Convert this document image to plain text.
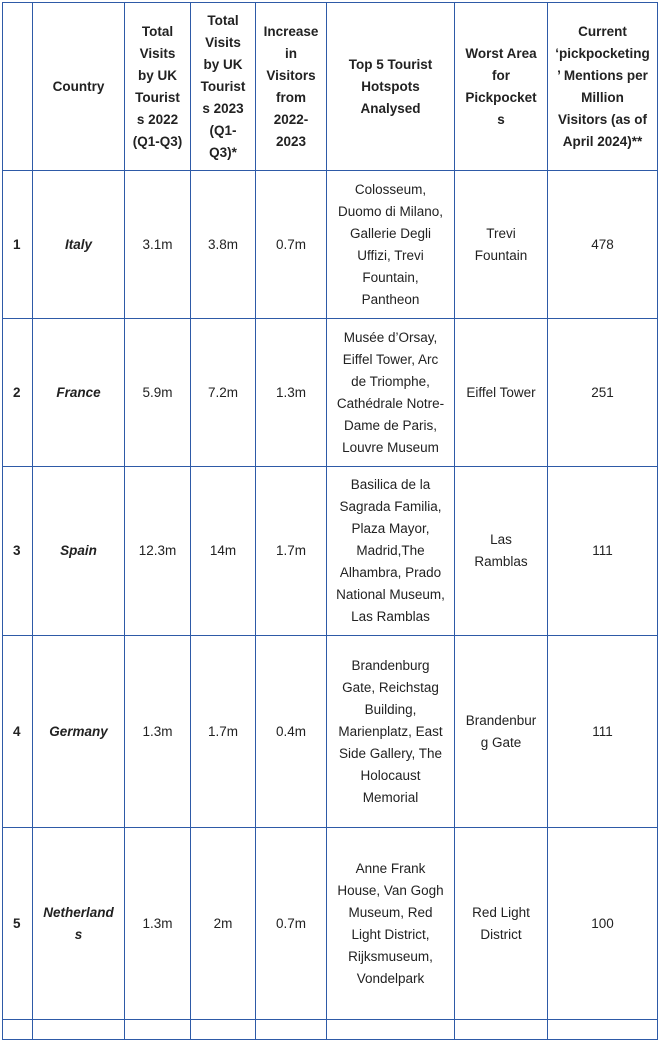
	Country	Total Visits by UK Tourists 2022 (Q1-Q3)	Total Visits by UK Tourists 2023 (Q1-Q3)*	Increase in Visitors from 2022-2023	Top 5 Tourist Hotspots Analysed	Worst Area for Pickpockets	Current ‘pickpocketing’ Mentions per Million Visitors (as of April 2024)**
1	Italy	3.1m	3.8m	0.7m	Colosseum, Duomo di Milano, Gallerie Degli Uffizi, Trevi Fountain, Pantheon	Trevi Fountain	478
2	France	5.9m	7.2m	1.3m	Musée d’Orsay, Eiffel Tower, Arc de Triomphe, Cathédrale Notre-Dame de Paris, Louvre Museum	Eiffel Tower	251
3	Spain	12.3m	14m	1.7m	Basilica de la Sagrada Familia, Plaza Mayor, Madrid,The Alhambra, Prado National Museum, Las Ramblas	Las Ramblas	111
4	Germany	1.3m	1.7m	0.4m	Brandenburg Gate, Reichstag Building, Marienplatz, East Side Gallery, The Holocaust Memorial	Brandenburg Gate	111
5	Netherlands	1.3m	2m	0.7m	Anne Frank House, Van Gogh Museum, Red Light District, Rijksmuseum, Vondelpark	Red Light District	100
